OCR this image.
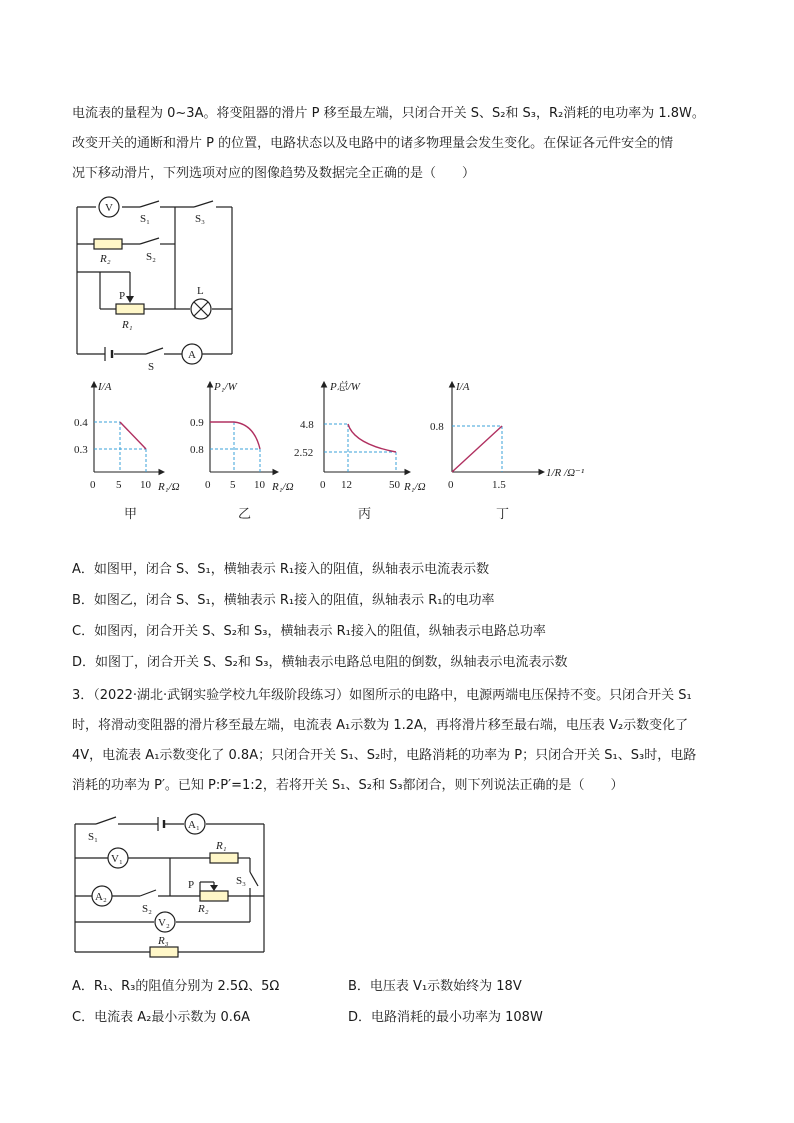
电流表的量程为 0~3A。将变阻器的滑片 P 移至最左端，只闭合开关 S、S₂和 S₃，R₂消耗的电功率为 1.8W。
改变开关的通断和滑片 P 的位置，电路状态以及电路中的诸多物理量会发生变化。在保证各元件安全的情
况下移动滑片，下列选项对应的图像趋势及数据完全正确的是（　　）
V
A
S₁	S₃
R₂	S₂
P	L
R₁
S
I/A
0.4
0.3
0 5 10 R₁/Ω
甲
P₁/W
0.9
0.8
0 5 10 R₁/Ω
乙
P总/W
4.8
2.52
0 12	50 R₁/Ω
丙
I/A
0.8
0	1.5
1/R /Ω⁻¹
丁
A．如图甲，闭合 S、S₁，横轴表示 R₁接入的阻值，纵轴表示电流表示数
B．如图乙，闭合 S、S₁，横轴表示 R₁接入的阻值，纵轴表示 R₁的电功率
C．如图丙，闭合开关 S、S₂和 S₃，横轴表示 R₁接入的阻值，纵轴表示电路总功率
D．如图丁，闭合开关 S、S₂和 S₃，横轴表示电路总电阻的倒数，纵轴表示电流表示数
3．（2022·湖北·武钢实验学校九年级阶段练习）如图所示的电路中，电源两端电压保持不变。只闭合开关 S₁
时，将滑动变阻器的滑片移至最左端，电流表 A₁示数为 1.2A，再将滑片移至最右端，电压表 V₂示数变化了
4V，电流表 A₁示数变化了 0.8A；只闭合开关 S₁、S₂时，电路消耗的功率为 P；只闭合开关 S₁、S₃时，电路
消耗的功率为 P′。已知 P:P′=1:2，若将开关 S₁、S₂和 S₃都闭合，则下列说法正确的是（　　）
S₁
A₁
V₁
R₁
A₂
P	S₃
S₂	R₂
V₂
R₃
A．R₁、R₃的阻值分别为 2.5Ω、5Ω	B．电压表 V₁示数始终为 18V
C．电流表 A₂最小示数为 0.6A	D．电路消耗的最小功率为 108W
